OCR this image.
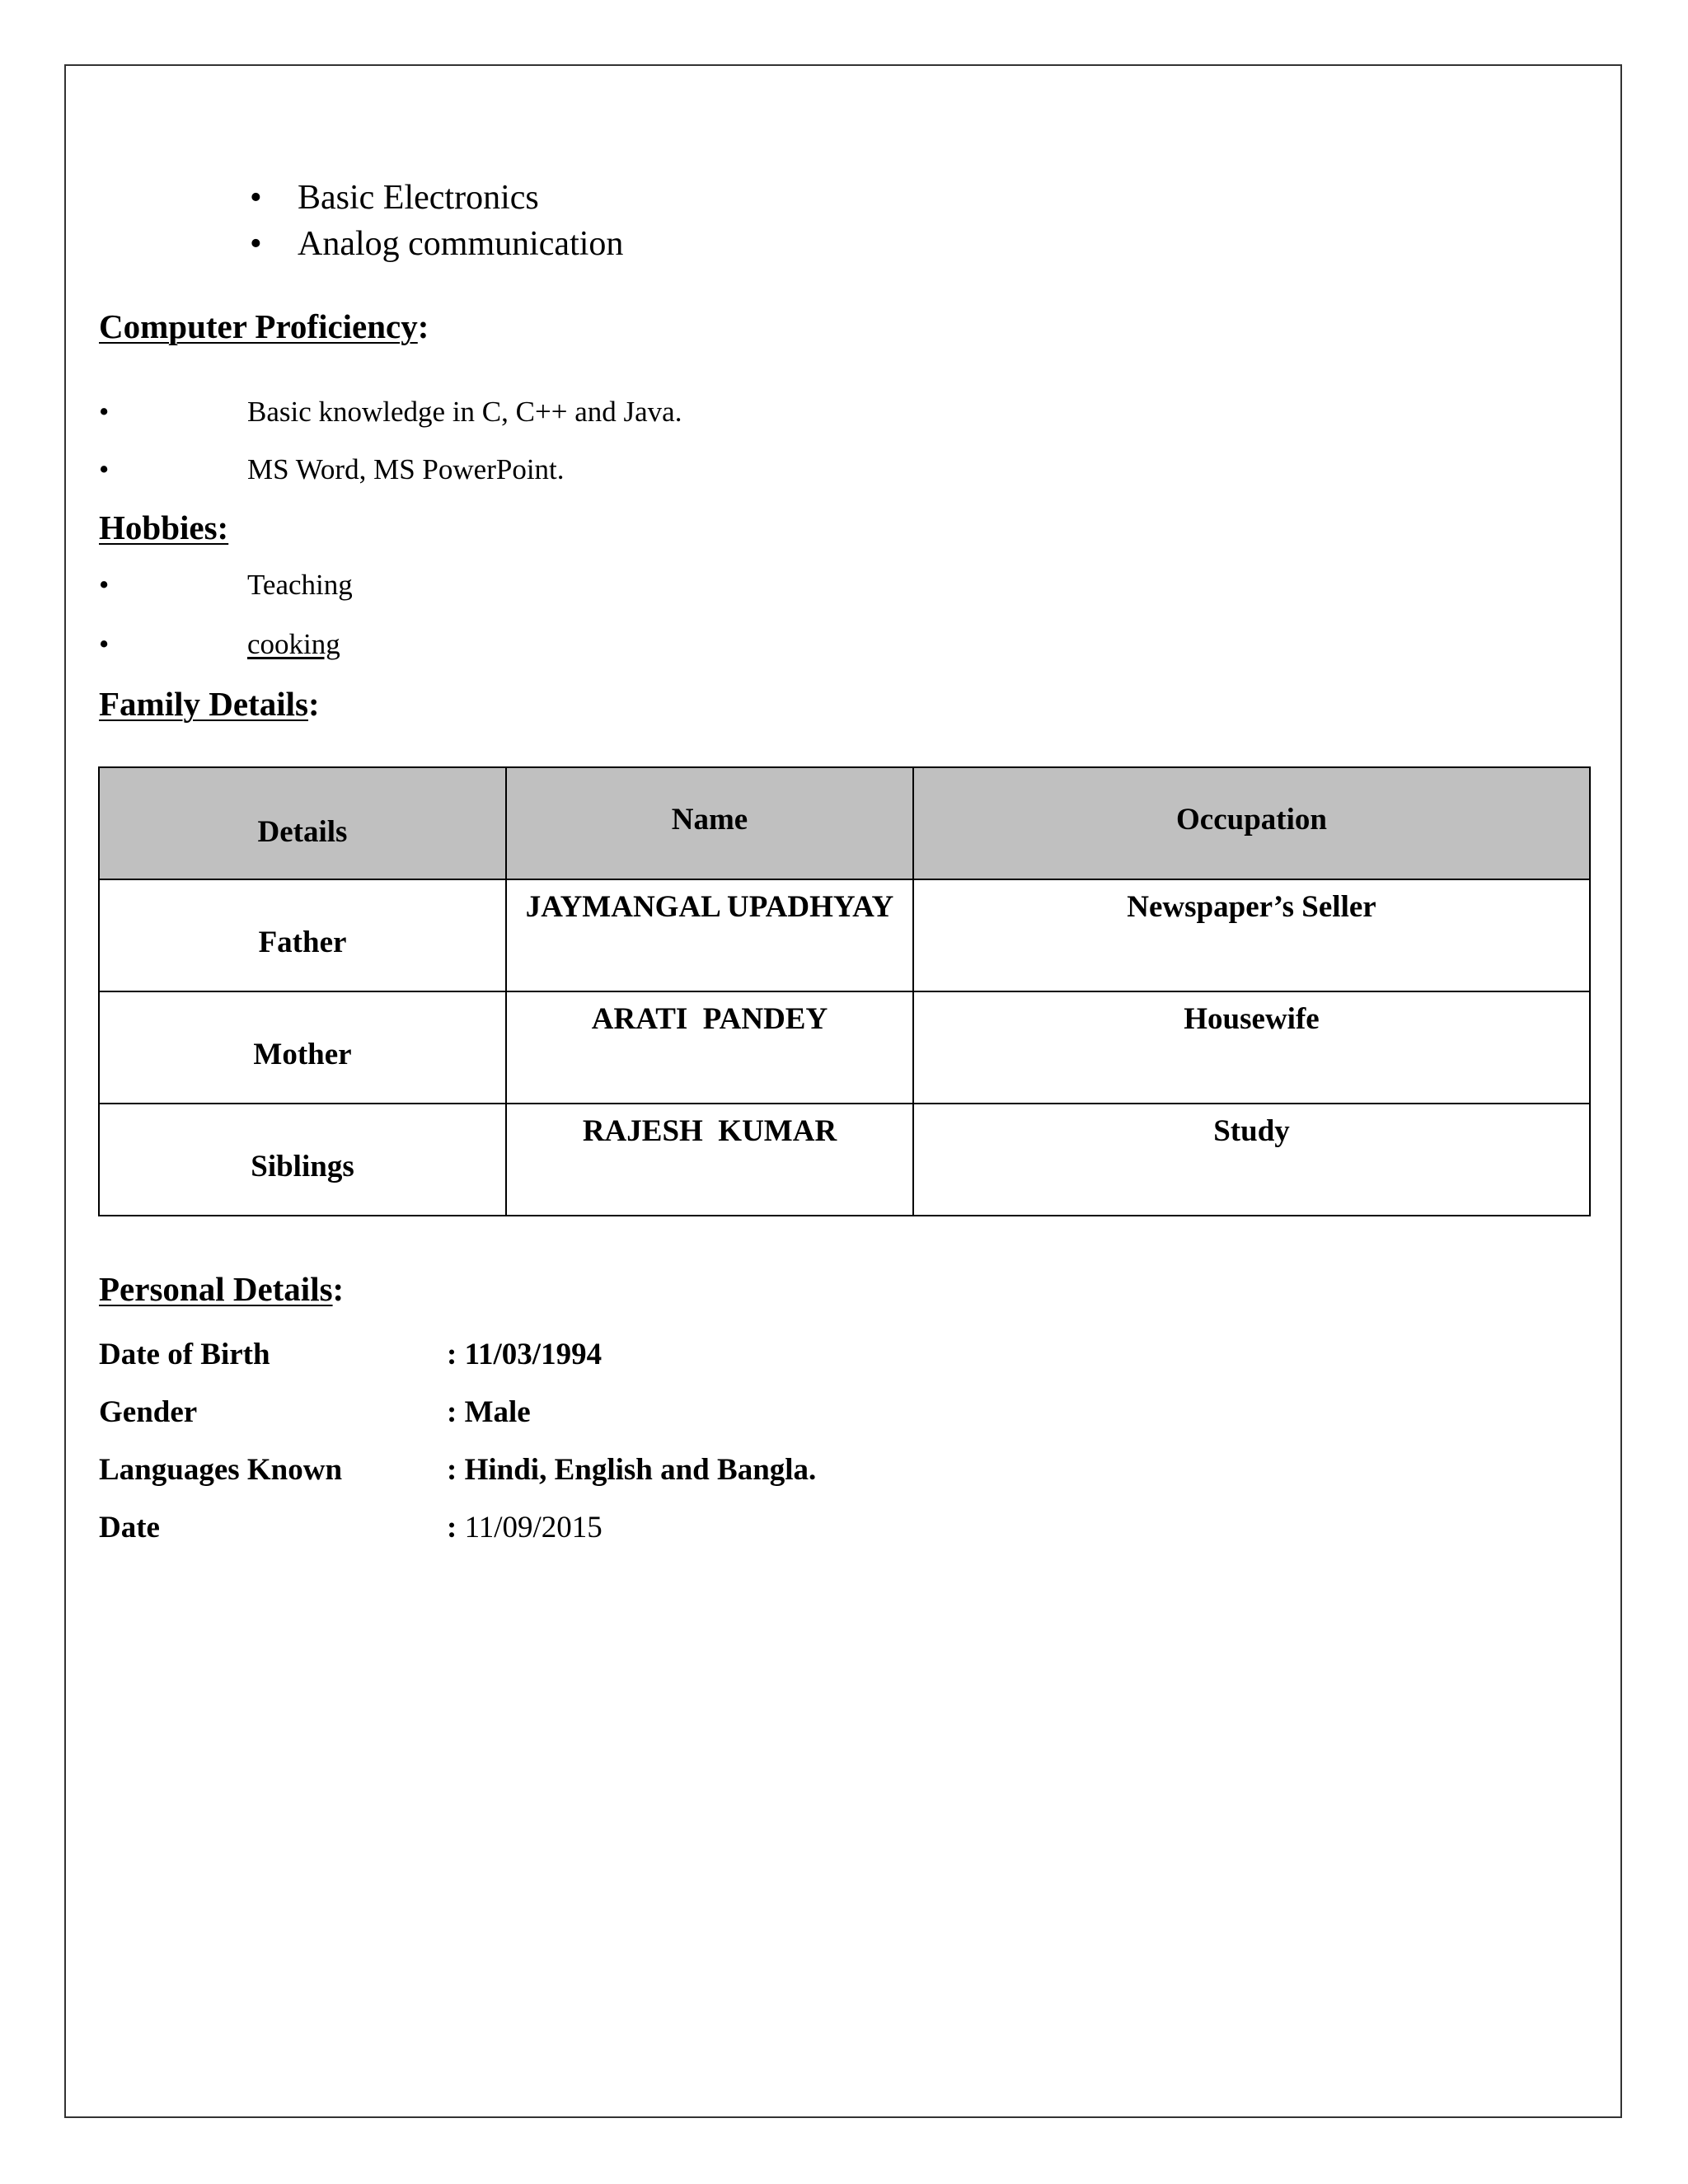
• Basic Electronics
• Analog communication
Computer Proficiency:
•	Basic knowledge in C, C++ and Java.
•	MS Word, MS PowerPoint.
Hobbies:
•	Teaching
•	cooking
Family Details:
Details	Name	Occupation
Father	JAYMANGAL UPADHYAY	Newspaper’s Seller
Mother	ARATI  PANDEY	Housewife
Siblings	RAJESH  KUMAR	Study
Personal Details:
Date of Birth	: 11/03/1994
Gender	: Male
Languages Known	: Hindi, English and Bangla.
Date	: 11/09/2015
